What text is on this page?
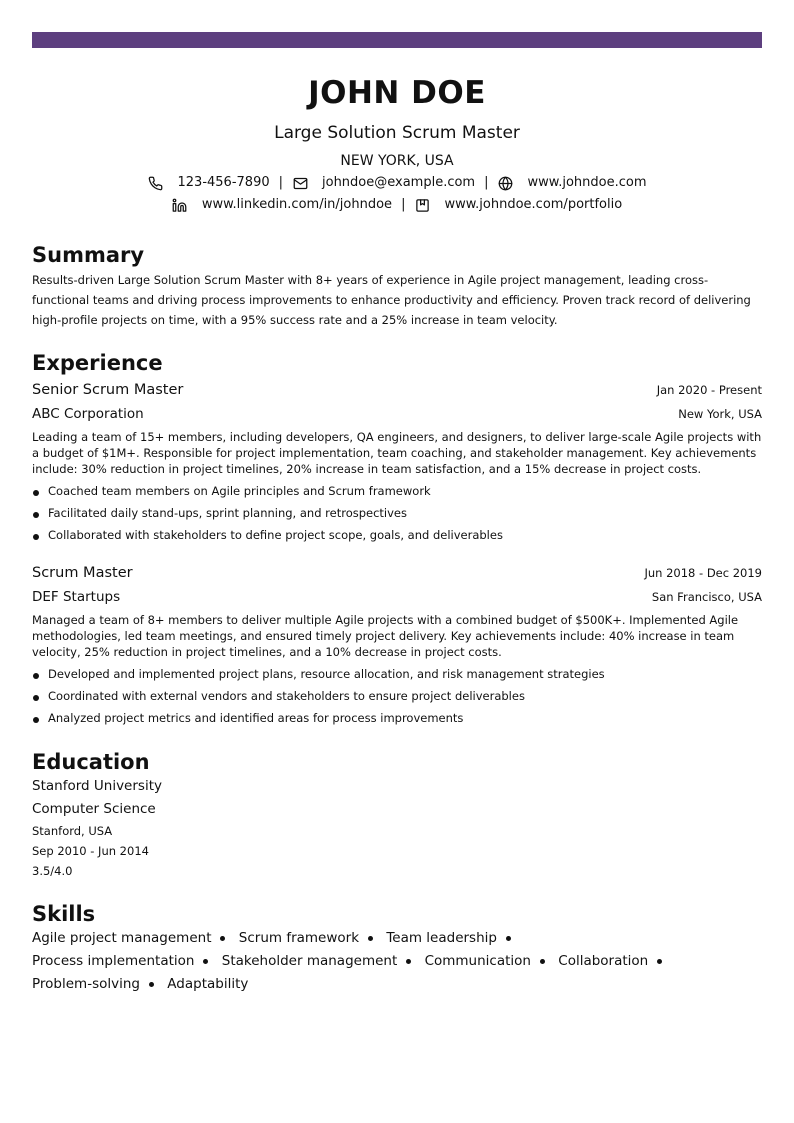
JOHN DOE
Large Solution Scrum Master
NEW YORK, USA
123-456-7890 |	johndoe@example.com |	www.johndoe.com
www.linkedin.com/in/johndoe |	www.johndoe.com/portfolio
Summary
Results-driven Large Solution Scrum Master with 8+ years of experience in Agile project management, leading cross-functional teams and driving process improvements to enhance productivity and efficiency. Proven track record of delivering high-profile projects on time, with a 95% success rate and a 25% increase in team velocity.
Experience
Senior Scrum Master	Jan 2020 - Present
ABC Corporation	New York, USA
Leading a team of 15+ members, including developers, QA engineers, and designers, to deliver large-scale Agile projects with a budget of $1M+. Responsible for project implementation, team coaching, and stakeholder management. Key achievements include: 30% reduction in project timelines, 20% increase in team satisfaction, and a 15% decrease in project costs.
Coached team members on Agile principles and Scrum framework
Facilitated daily stand-ups, sprint planning, and retrospectives
Collaborated with stakeholders to define project scope, goals, and deliverables
Scrum Master	Jun 2018 - Dec 2019
DEF Startups	San Francisco, USA
Managed a team of 8+ members to deliver multiple Agile projects with a combined budget of $500K+. Implemented Agile methodologies, led team meetings, and ensured timely project delivery. Key achievements include: 40% increase in team velocity, 25% reduction in project timelines, and a 10% decrease in project costs.
Developed and implemented project plans, resource allocation, and risk management strategies
Coordinated with external vendors and stakeholders to ensure project deliverables
Analyzed project metrics and identified areas for process improvements
Education
Stanford University
Computer Science
Stanford, USA
Sep 2010 - Jun 2014
3.5/4.0
Skills
Agile project management Scrum framework Team leadership Process implementation Stakeholder management Communication Collaboration Problem-solving Adaptability
